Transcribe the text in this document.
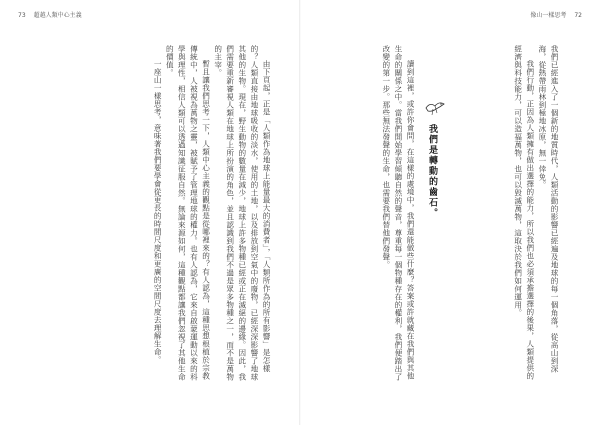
73 超越人類中心主義

由下頁起，正是「人類作為地球上能量最大的消費者」，「人類所作為的所有影響」是怎樣的？人類直接由地球吸收的淡水，使用的土地，以及排放到空氣中的廢物，已經深深影響了地球其他的生物。現在，野生動物的數量在減少，地球上許多物種已經或正在滅絕的邊緣。因此，我們需要重新審視人類在地球上所扮演的角色，並且認識到我們不過是眾多物種之一，而不是萬物的主宰。

暫且讓我們思考一下，人類中心主義的觀點是從哪裡來的？有人認為，這種思想根植於宗教傳統中，人被視為萬物之靈，被賦予了管理地球的權力。也有人認為，它來自啟蒙運動以來的科學與理性，相信人類可以透過知識征服自然。無論來源如何，這種觀點都讓我們忽視了其他生命的價值。

一座山一樣思考，意味著我們要學會從更長的時間尺度和更廣的空間尺度去理解生命。

像山一樣思考 72

我們已經進入了一個新的地質時代，人類活動的影響已經遍及地球的每一個角落，從高山到深海，從熱帶雨林到極地冰原，無一倖免。

我們行動，正因為人類擁有做出選擇的能力，所以我們也必須承擔選擇的後果，人類提供的經濟與科技能力，可以造福萬物，也可以毀滅萬物，這取決於我們如何運用。

我們是轉動的齒石。

讀到這裡，或許你會問，在這樣的處境中，我們還能做些什麼？答案或許就藏在我們與其他生命的關係之中。當我們開始學習傾聽自然的聲音，尊重每一個物種存在的權利，我們便踏出了改變的第一步。那些無法發聲的生命，也需要我們替他們發聲。
